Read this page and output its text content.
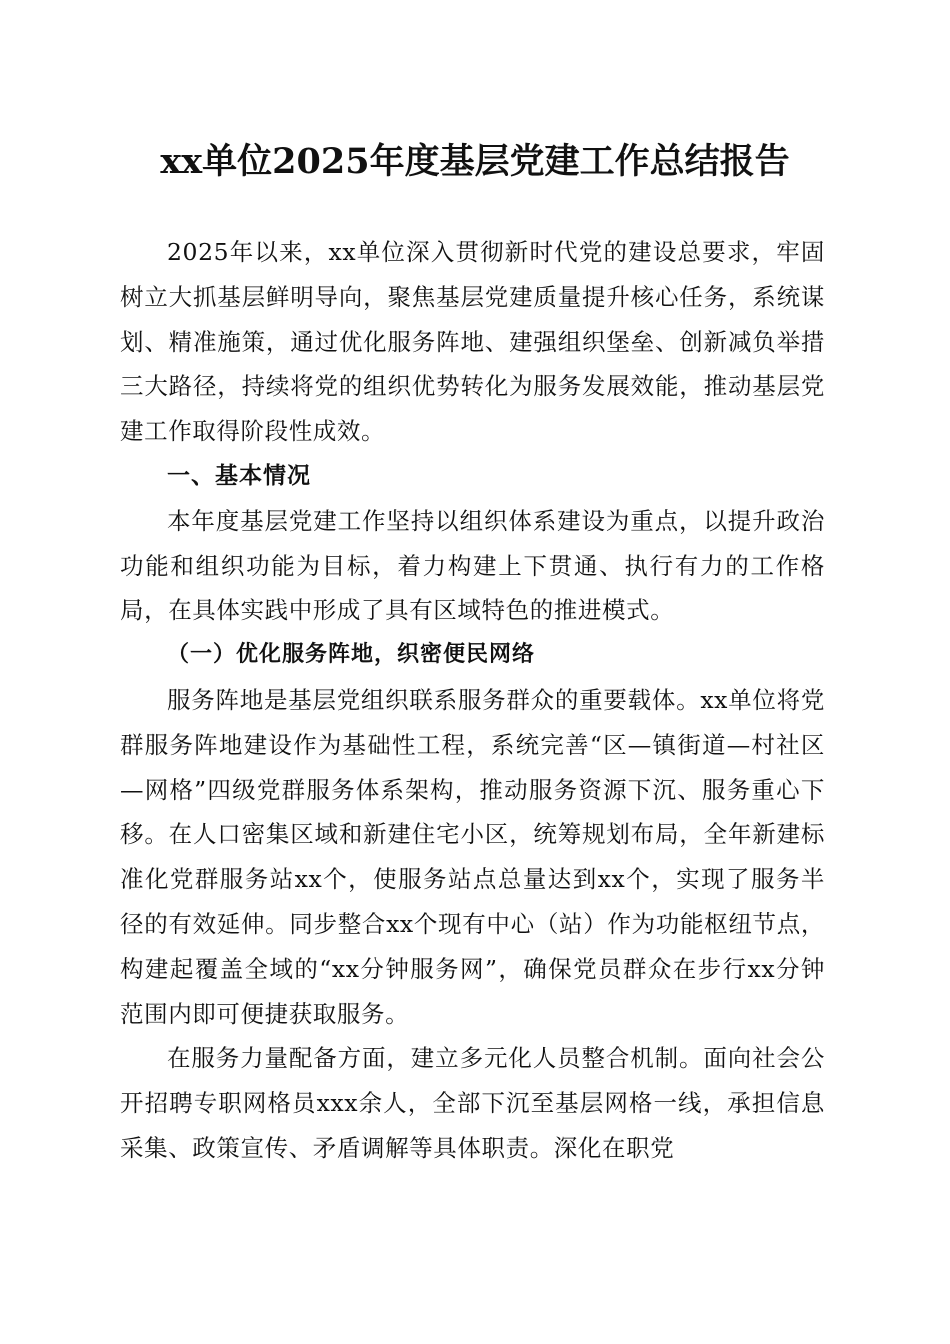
xx单位2025年度基层党建工作总结报告

2025年以来，xx单位深入贯彻新时代党的建设总要求，牢固树立大抓基层鲜明导向，聚焦基层党建质量提升核心任务，系统谋划、精准施策，通过优化服务阵地、建强组织堡垒、创新减负举措三大路径，持续将党的组织优势转化为服务发展效能，推动基层党建工作取得阶段性成效。

一、基本情况

本年度基层党建工作坚持以组织体系建设为重点，以提升政治功能和组织功能为目标，着力构建上下贯通、执行有力的工作格局，在具体实践中形成了具有区域特色的推进模式。

（一）优化服务阵地，织密便民网络

服务阵地是基层党组织联系服务群众的重要载体。xx单位将党群服务阵地建设作为基础性工程，系统完善“区—镇街道—村社区—网格”四级党群服务体系架构，推动服务资源下沉、服务重心下移。在人口密集区域和新建住宅小区，统筹规划布局，全年新建标准化党群服务站xx个，使服务站点总量达到xx个，实现了服务半径的有效延伸。同步整合xx个现有中心（站）作为功能枢纽节点，构建起覆盖全域的“xx分钟服务网”，确保党员群众在步行xx分钟范围内即可便捷获取服务。

在服务力量配备方面，建立多元化人员整合机制。面向社会公开招聘专职网格员xxx余人，全部下沉至基层网格一线，承担信息采集、政策宣传、矛盾调解等具体职责。深化在职党
